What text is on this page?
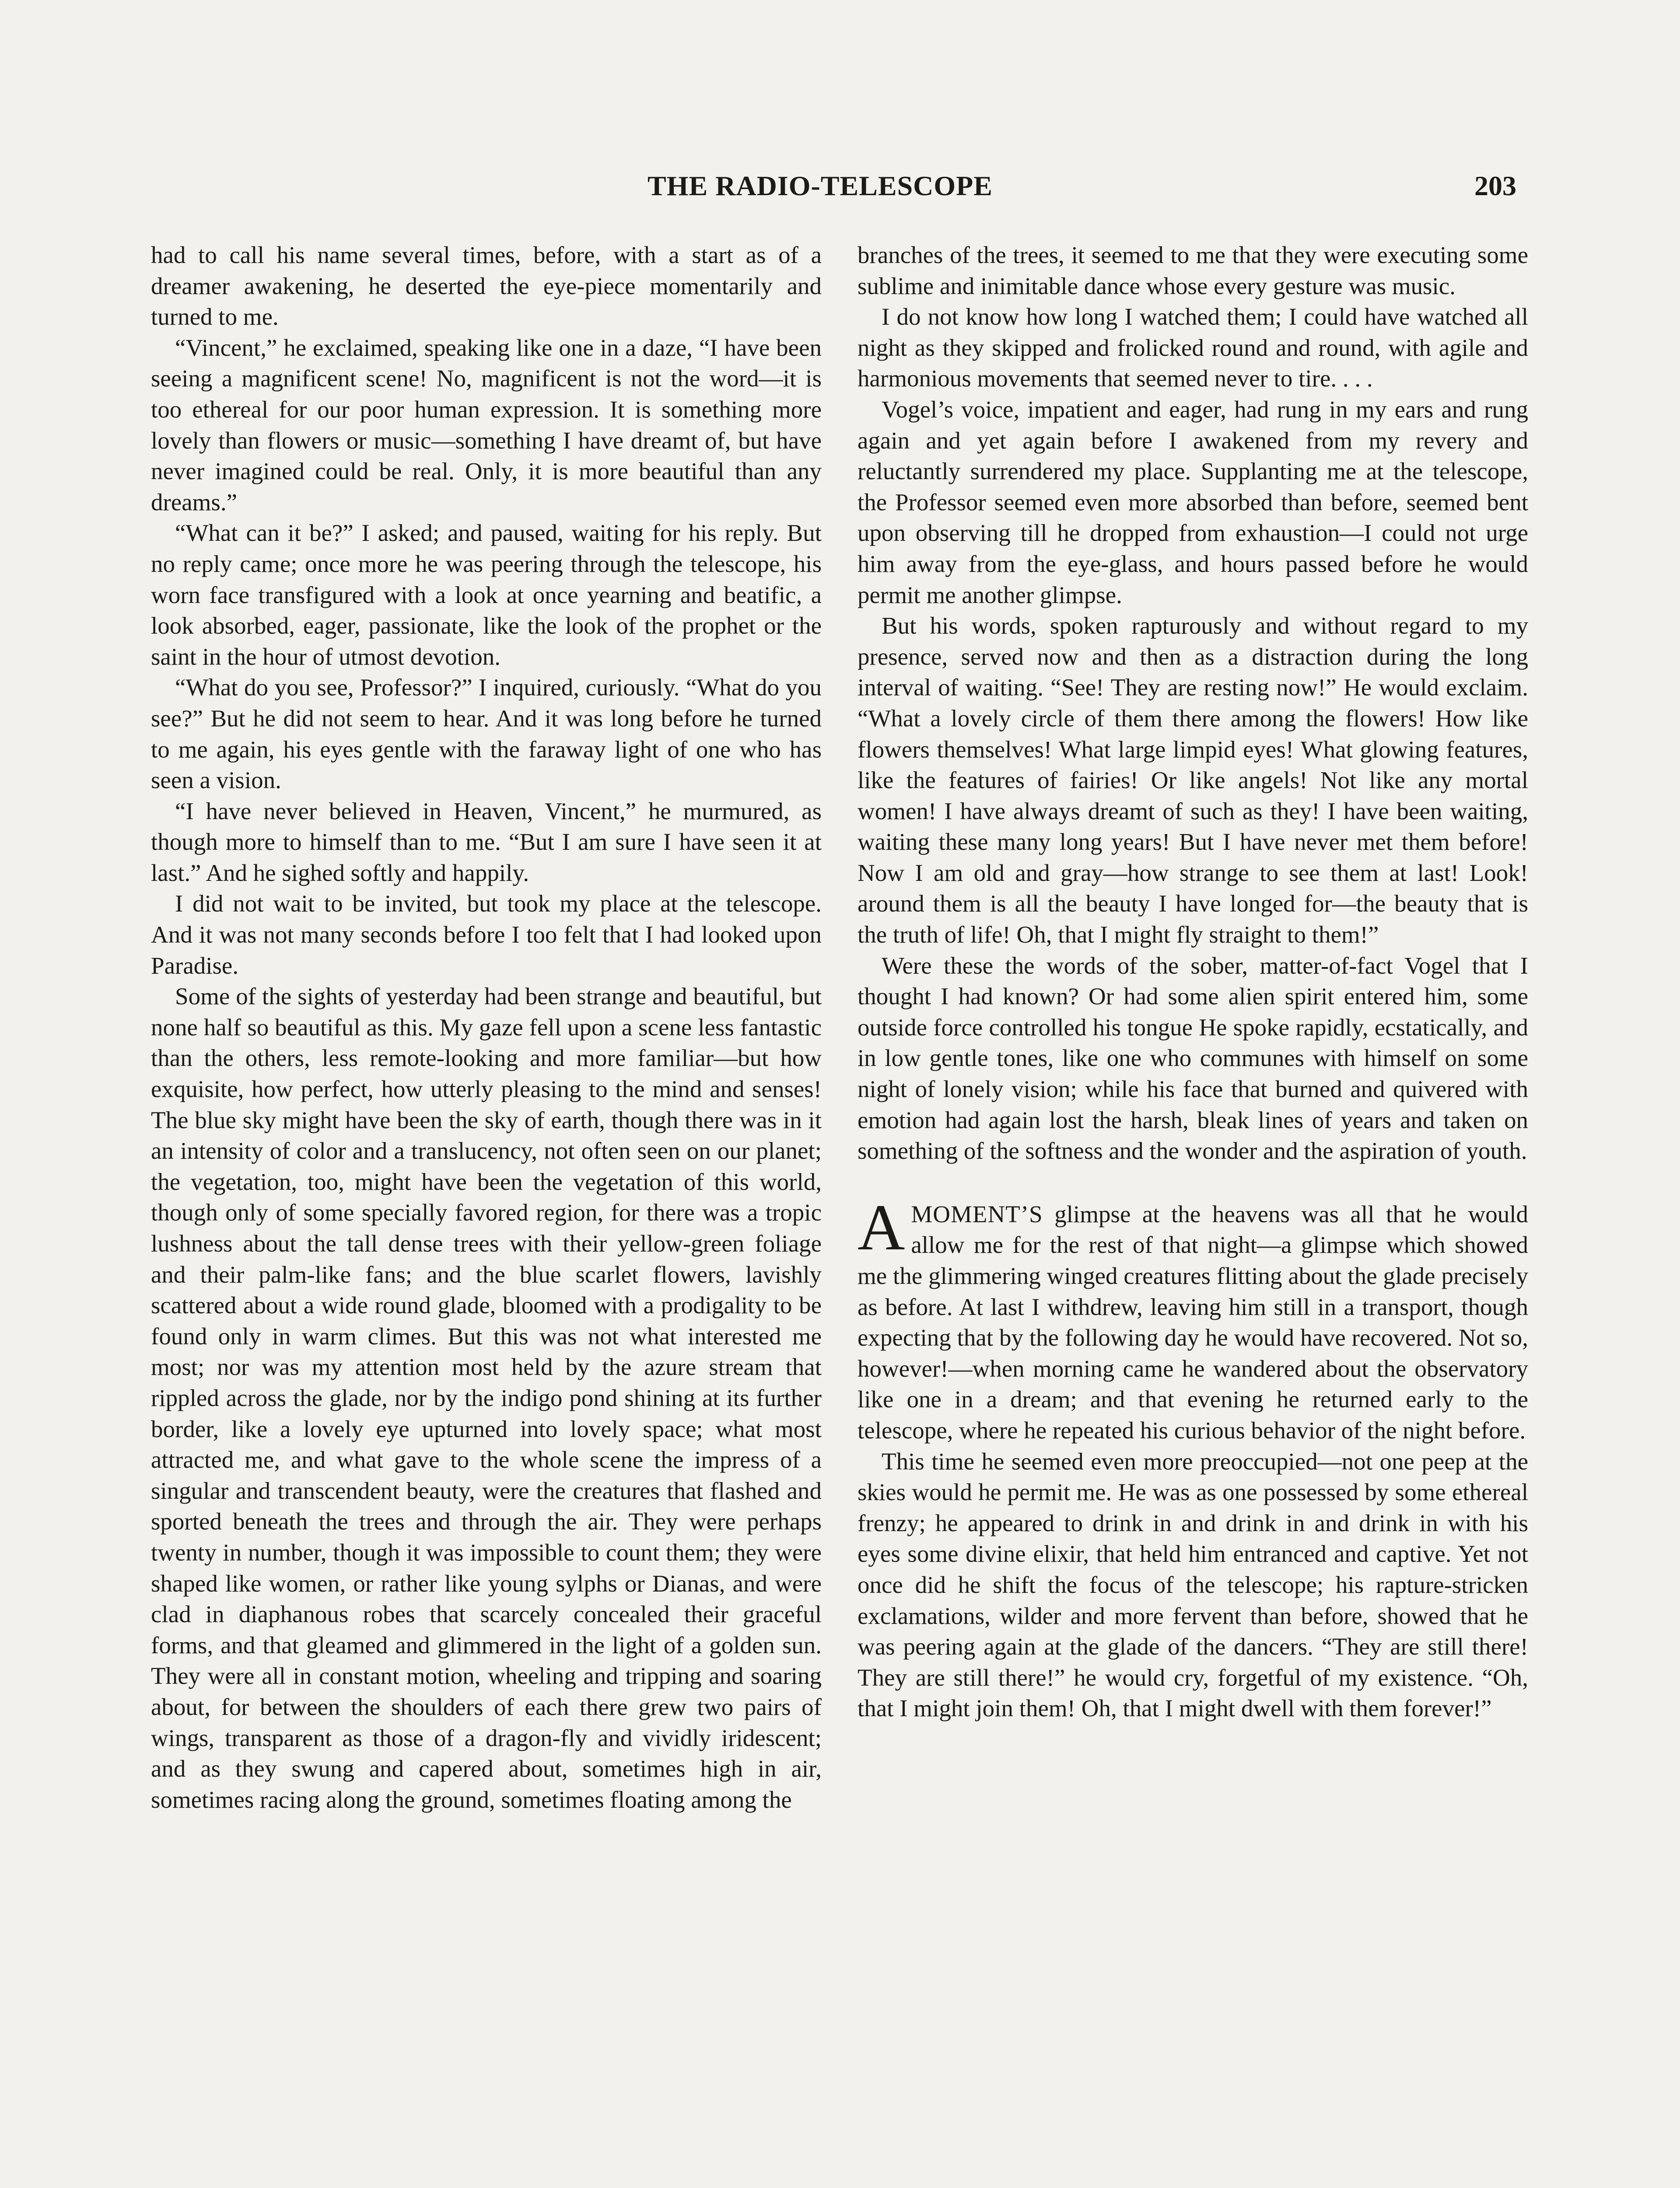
THE RADIO-TELESCOPE	203

had to call his name several times, before, with a start as of a dreamer awakening, he deserted the eye-piece momentarily and turned to me.

“Vincent,” he exclaimed, speaking like one in a daze, “I have been seeing a magnificent scene! No, magnificent is not the word—it is too ethereal for our poor human expression. It is something more lovely than flowers or music—something I have dreamt of, but have never imagined could be real. Only, it is more beautiful than any dreams.”

“What can it be?” I asked; and paused, waiting for his reply. But no reply came; once more he was peering through the telescope, his worn face transfigured with a look at once yearning and beatific, a look absorbed, eager, passionate, like the look of the prophet or the saint in the hour of utmost devotion.

“What do you see, Professor?” I inquired, curiously. “What do you see?” But he did not seem to hear. And it was long before he turned to me again, his eyes gentle with the faraway light of one who has seen a vision.

“I have never believed in Heaven, Vincent,” he murmured, as though more to himself than to me. “But I am sure I have seen it at last.” And he sighed softly and happily.

I did not wait to be invited, but took my place at the telescope. And it was not many seconds before I too felt that I had looked upon Paradise.

Some of the sights of yesterday had been strange and beautiful, but none half so beautiful as this. My gaze fell upon a scene less fantastic than the others, less remote-looking and more familiar—but how exquisite, how perfect, how utterly pleasing to the mind and senses! The blue sky might have been the sky of earth, though there was in it an intensity of color and a translucency, not often seen on our planet; the vegetation, too, might have been the vegetation of this world, though only of some specially favored region, for there was a tropic lushness about the tall dense trees with their yellow-green foliage and their palm-like fans; and the blue scarlet flowers, lavishly scattered about a wide round glade, bloomed with a prodigality to be found only in warm climes. But this was not what interested me most; nor was my attention most held by the azure stream that rippled across the glade, nor by the indigo pond shining at its further border, like a lovely eye upturned into lovely space; what most attracted me, and what gave to the whole scene the impress of a singular and transcendent beauty, were the creatures that flashed and sported beneath the trees and through the air. They were perhaps twenty in number, though it was impossible to count them; they were shaped like women, or rather like young sylphs or Dianas, and were clad in diaphanous robes that scarcely concealed their graceful forms, and that gleamed and glimmered in the light of a golden sun. They were all in constant motion, wheeling and tripping and soaring about, for between the shoulders of each there grew two pairs of wings, transparent as those of a dragon-fly and vividly iridescent; and as they swung and capered about, sometimes high in air, sometimes racing along the ground, sometimes floating among the

branches of the trees, it seemed to me that they were executing some sublime and inimitable dance whose every gesture was music.

I do not know how long I watched them; I could have watched all night as they skipped and frolicked round and round, with agile and harmonious movements that seemed never to tire. . . .

Vogel’s voice, impatient and eager, had rung in my ears and rung again and yet again before I awakened from my revery and reluctantly surrendered my place. Supplanting me at the telescope, the Professor seemed even more absorbed than before, seemed bent upon observing till he dropped from exhaustion—I could not urge him away from the eye-glass, and hours passed before he would permit me another glimpse.

But his words, spoken rapturously and without regard to my presence, served now and then as a distraction during the long interval of waiting. “See! They are resting now!” He would exclaim. “What a lovely circle of them there among the flowers! How like flowers themselves! What large limpid eyes! What glowing features, like the features of fairies! Or like angels! Not like any mortal women! I have always dreamt of such as they! I have been waiting, waiting these many long years! But I have never met them before! Now I am old and gray—how strange to see them at last! Look! around them is all the beauty I have longed for—the beauty that is the truth of life! Oh, that I might fly straight to them!”

Were these the words of the sober, matter-of-fact Vogel that I thought I had known? Or had some alien spirit entered him, some outside force controlled his tongue He spoke rapidly, ecstatically, and in low gentle tones, like one who communes with himself on some night of lonely vision; while his face that burned and quivered with emotion had again lost the harsh, bleak lines of years and taken on something of the softness and the wonder and the aspiration of youth.

AMOMENT’S glimpse at the heavens was all that he would allow me for the rest of that night—a glimpse which showed me the glimmering winged creatures flitting about the glade precisely as before. At last I withdrew, leaving him still in a transport, though expecting that by the following day he would have recovered. Not so, however!—when morning came he wandered about the observatory like one in a dream; and that evening he returned early to the telescope, where he repeated his curious behavior of the night before.

This time he seemed even more preoccupied—not one peep at the skies would he permit me. He was as one possessed by some ethereal frenzy; he appeared to drink in and drink in and drink in with his eyes some divine elixir, that held him entranced and captive. Yet not once did he shift the focus of the telescope; his rapture-stricken exclamations, wilder and more fervent than before, showed that he was peering again at the glade of the dancers. “They are still there! They are still there!” he would cry, forgetful of my existence. “Oh, that I might join them! Oh, that I might dwell with them forever!”
